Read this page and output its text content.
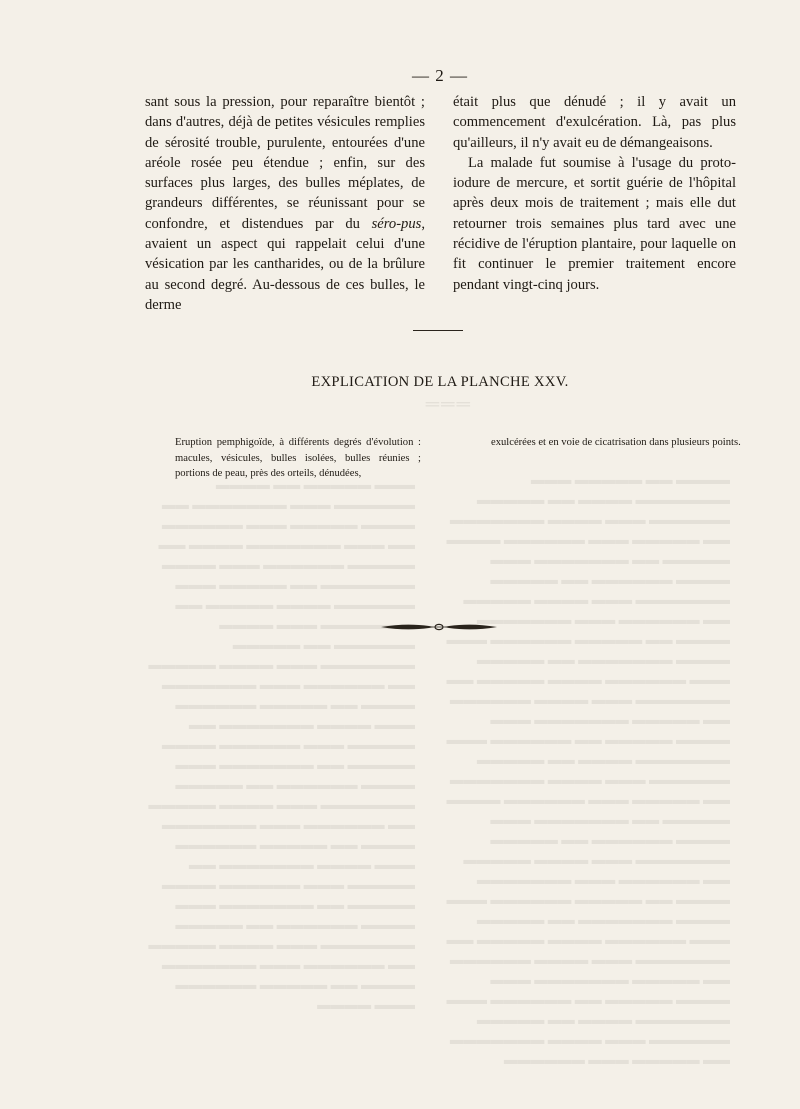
— 2 —

sant sous la pression, pour reparaître bientôt ; dans d'autres, déjà de petites vésicules remplies de sérosité trouble, purulente, entourées d'une aréole rosée peu étendue ; enfin, sur des surfaces plus larges, des bulles méplates, de grandeurs différentes, se réunissant pour se confondre, et distendues par du séro-pus, avaient un aspect qui rappelait celui d'une vésication par les cantharides, ou de la brûlure au second degré. Au-dessous de ces bulles, le derme

était plus que dénudé ; il y avait un commencement d'exulcération. Là, pas plus qu'ailleurs, il n'y avait eu de démangeaisons.

La malade fut soumise à l'usage du proto-iodure de mercure, et sortit guérie de l'hôpital après deux mois de traitement ; mais elle dut retourner trois semaines plus tard avec une récidive de l'éruption plantaire, pour laquelle on fit continuer le premier traitement encore pendant vingt-cinq jours.

EXPLICATION DE LA PLANCHE XXV.

Eruption pemphigoïde, à différents degrés d'évolution : macules, vésicules, bulles isolées, bulles réunies ; portions de peau, près des orteils, dénudées,

exulcérées et en voie de cicatrisation dans plusieurs points.

═══
▬▬▬ ▬▬▬▬▬ ▬▬ ▬▬▬▬ ▬▬▬▬▬▬ ▬▬▬ ▬▬▬▬▬▬▬ ▬▬ ▬▬▬▬ ▬▬▬▬▬ ▬▬▬ ▬▬▬▬▬▬ ▬▬ ▬▬▬ ▬▬▬▬▬▬▬ ▬▬▬▬ ▬▬ ▬▬▬▬▬ ▬▬▬▬▬▬ ▬▬▬ ▬▬▬▬ ▬▬▬▬▬▬▬ ▬▬ ▬▬▬▬▬ ▬▬▬ ▬▬▬▬▬▬ ▬▬▬▬ ▬▬▬▬▬ ▬▬ ▬▬▬▬▬▬▬ ▬▬▬ ▬▬▬▬ ▬▬▬▬▬▬ ▬▬ ▬▬▬▬▬ ▬▬▬▬▬▬▬ ▬▬▬ ▬▬▬▬ ▬▬▬▬▬ ▬▬ ▬▬▬▬▬▬ ▬▬▬ ▬▬▬▬▬▬▬ ▬▬▬▬ ▬▬ ▬▬▬▬▬ ▬▬▬▬▬▬ ▬▬▬ ▬▬▬▬ ▬▬▬▬▬▬▬ ▬▬ ▬▬▬▬▬ ▬▬▬ ▬▬▬▬▬▬ ▬▬▬▬ ▬▬▬▬▬ ▬▬ ▬▬▬▬▬▬▬ ▬▬▬ ▬▬▬▬ ▬▬▬▬▬▬ ▬▬ ▬▬▬▬▬ ▬▬▬▬▬▬▬ ▬▬▬ ▬▬▬▬ ▬▬▬▬▬ ▬▬ ▬▬▬▬▬▬ ▬▬▬ ▬▬▬▬▬▬▬ ▬▬▬▬ ▬▬ ▬▬▬▬▬ ▬▬▬▬▬▬ ▬▬▬ ▬▬▬▬ ▬▬▬▬▬▬▬ ▬▬ ▬▬▬▬▬ ▬▬▬ ▬▬▬▬▬▬ ▬▬▬▬ ▬▬▬▬▬ ▬▬ ▬▬▬▬▬▬▬ ▬▬▬ ▬▬▬▬ ▬▬▬▬▬▬ ▬▬ ▬▬▬▬▬ ▬▬▬▬▬▬▬ ▬▬▬ ▬▬▬▬ ▬▬▬▬▬ ▬▬ ▬▬▬▬▬▬ ▬▬▬ ▬▬▬▬▬▬▬ ▬▬▬▬ ▬▬ ▬▬▬▬▬ ▬▬▬▬▬▬ ▬▬▬ ▬▬▬▬
▬▬▬▬ ▬▬ ▬▬▬▬▬ ▬▬▬ ▬▬▬▬▬▬▬ ▬▬▬▬ ▬▬ ▬▬▬▬▬ ▬▬▬▬▬▬ ▬▬▬ ▬▬▬▬ ▬▬▬▬▬▬▬ ▬▬ ▬▬▬▬▬ ▬▬▬ ▬▬▬▬▬▬ ▬▬▬▬ ▬▬▬▬▬ ▬▬ ▬▬▬▬▬▬▬ ▬▬▬ ▬▬▬▬ ▬▬▬▬▬▬ ▬▬ ▬▬▬▬▬ ▬▬▬▬▬▬▬ ▬▬▬ ▬▬▬▬ ▬▬▬▬▬ ▬▬ ▬▬▬▬▬▬ ▬▬▬ ▬▬▬▬▬▬▬ ▬▬▬▬ ▬▬ ▬▬▬▬▬ ▬▬▬▬▬▬ ▬▬▬ ▬▬▬▬ ▬▬▬▬▬▬▬ ▬▬ ▬▬▬▬▬ ▬▬▬ ▬▬▬▬▬▬ ▬▬▬▬ ▬▬▬▬▬ ▬▬ ▬▬▬▬▬▬▬ ▬▬▬ ▬▬▬▬ ▬▬▬▬▬▬ ▬▬ ▬▬▬▬▬ ▬▬▬▬▬▬▬ ▬▬▬ ▬▬▬▬ ▬▬▬▬▬ ▬▬ ▬▬▬▬▬▬ ▬▬▬ ▬▬▬▬▬▬▬ ▬▬▬▬ ▬▬ ▬▬▬▬▬ ▬▬▬▬▬▬ ▬▬▬ ▬▬▬▬ ▬▬▬▬▬▬▬ ▬▬ ▬▬▬▬▬ ▬▬▬ ▬▬▬▬▬▬ ▬▬▬▬ ▬▬▬▬▬ ▬▬ ▬▬▬▬▬▬▬ ▬▬▬ ▬▬▬▬ ▬▬▬▬▬▬ ▬▬ ▬▬▬▬▬ ▬▬▬▬▬▬▬ ▬▬▬ ▬▬▬▬ ▬▬▬▬▬ ▬▬ ▬▬▬▬▬▬ ▬▬▬ ▬▬▬▬▬▬▬ ▬▬▬▬ ▬▬ ▬▬▬▬▬ ▬▬▬▬▬▬ ▬▬▬ ▬▬▬▬ ▬▬▬▬▬▬▬ ▬▬ ▬▬▬▬▬ ▬▬▬ ▬▬▬▬▬▬ ▬▬▬▬ ▬▬▬▬▬ ▬▬ ▬▬▬▬▬▬▬ ▬▬▬ ▬▬▬▬ ▬▬▬▬▬▬ ▬▬ ▬▬▬▬▬ ▬▬▬▬▬▬▬ ▬▬▬ ▬▬▬▬ ▬▬▬▬▬ ▬▬ ▬▬▬▬▬▬ ▬▬▬ ▬▬▬▬▬▬▬ ▬▬▬▬ ▬▬ ▬▬▬▬▬ ▬▬▬▬▬▬ ▬▬▬ ▬▬▬▬ ▬▬▬▬▬▬▬ ▬▬ ▬▬▬▬▬ ▬▬▬ ▬▬▬▬▬▬
